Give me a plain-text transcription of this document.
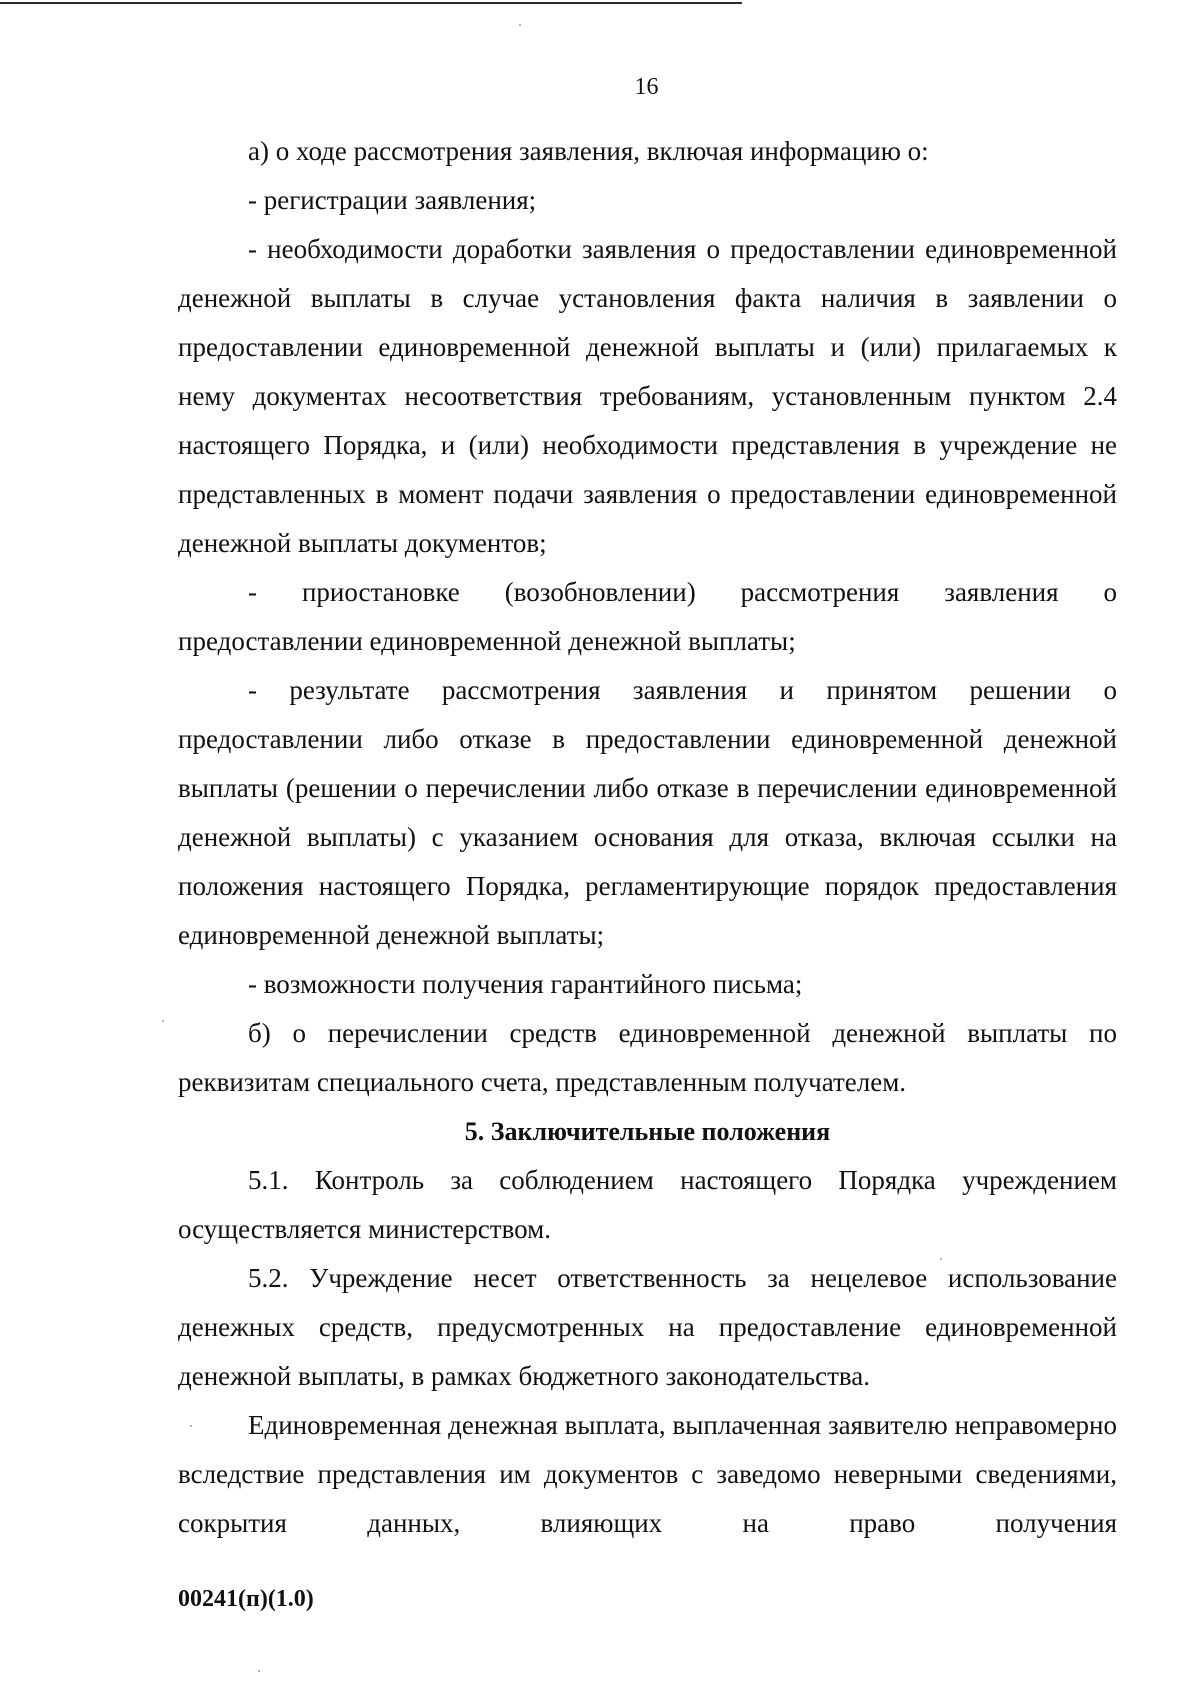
16

а) о ходе рассмотрения заявления, включая информацию о:

- регистрации заявления;

- необходимости доработки заявления о предоставлении единовременной денежной выплаты в случае установления факта наличия в заявлении о предоставлении единовременной денежной выплаты и (или) прилагаемых к нему документах несоответствия требованиям, установленным пунктом 2.4 настоящего Порядка, и (или) необходимости представления в учреждение не представленных в момент подачи заявления о предоставлении единовременной денежной выплаты документов;

- приостановке (возобновлении) рассмотрения заявления о предоставлении единовременной денежной выплаты;

- результате рассмотрения заявления и принятом решении о предоставлении либо отказе в предоставлении единовременной денежной выплаты (решении о перечислении либо отказе в перечислении единовременной денежной выплаты) с указанием основания для отказа, включая ссылки на положения настоящего Порядка, регламентирующие порядок предоставления единовременной денежной выплаты;

- возможности получения гарантийного письма;

б) о перечислении средств единовременной денежной выплаты по реквизитам специального счета, представленным получателем.

5. Заключительные положения

5.1. Контроль за соблюдением настоящего Порядка учреждением осуществляется министерством.

5.2. Учреждение несет ответственность за нецелевое использование денежных средств, предусмотренных на предоставление единовременной денежной выплаты, в рамках бюджетного законодательства.

Единовременная денежная выплата, выплаченная заявителю неправомерно вследствие представления им документов с заведомо неверными сведениями, сокрытия данных, влияющих на право получения

00241(п)(1.0)
